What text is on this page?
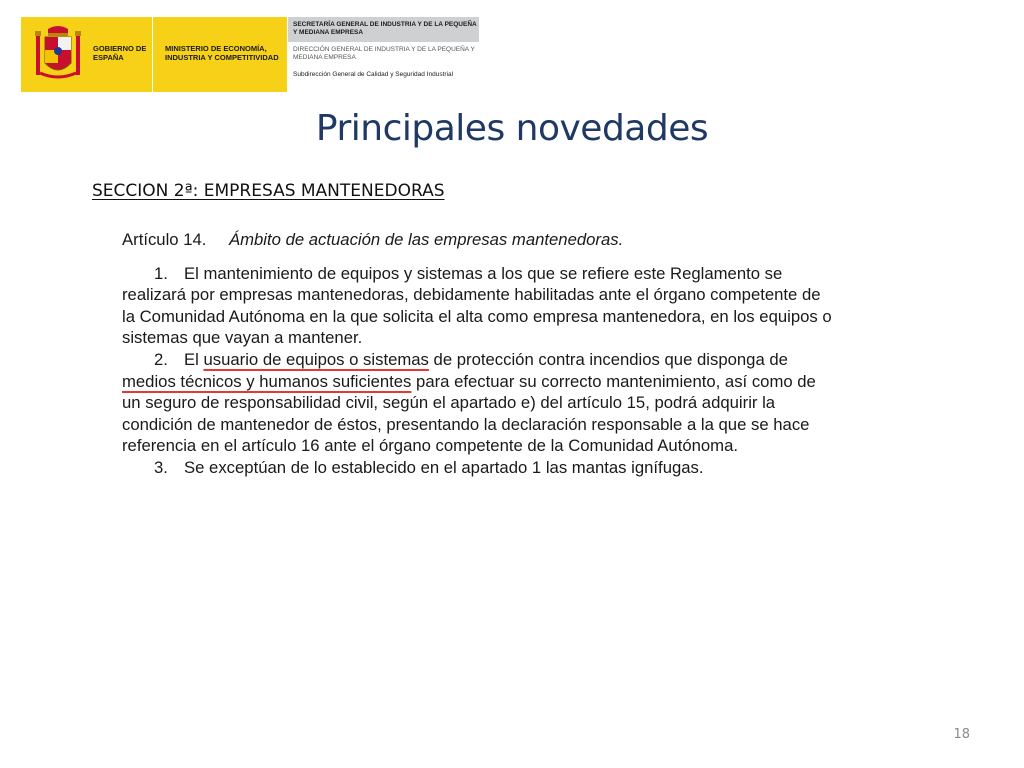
GOBIERNO DE ESPAÑA
MINISTERIO DE ECONOMÍA, INDUSTRIA Y COMPETITIVIDAD
SECRETARÍA GENERAL DE INDUSTRIA Y DE LA PEQUEÑA Y MEDIANA EMPRESA
DIRECCIÓN GENERAL DE INDUSTRIA Y DE LA PEQUEÑA Y MEDIANA EMPRESA
Subdirección General de Calidad y Seguridad Industrial
Principales novedades
SECCION 2ª: EMPRESAS MANTENEDORAS
Artículo 14. Ámbito de actuación de las empresas mantenedoras.
1. El mantenimiento de equipos y sistemas a los que se refiere este Reglamento se realizará por empresas mantenedoras, debidamente habilitadas ante el órgano competente de la Comunidad Autónoma en la que solicita el alta como empresa mantenedora, en los equipos o sistemas que vayan a mantener.
2. El usuario de equipos o sistemas de protección contra incendios que disponga de medios técnicos y humanos suficientes para efectuar su correcto mantenimiento, así como de un seguro de responsabilidad civil, según el apartado e) del artículo 15, podrá adquirir la condición de mantenedor de éstos, presentando la declaración responsable a la que se hace referencia en el artículo 16 ante el órgano competente de la Comunidad Autónoma.
3. Se exceptúan de lo establecido en el apartado 1 las mantas ignífugas.
18
